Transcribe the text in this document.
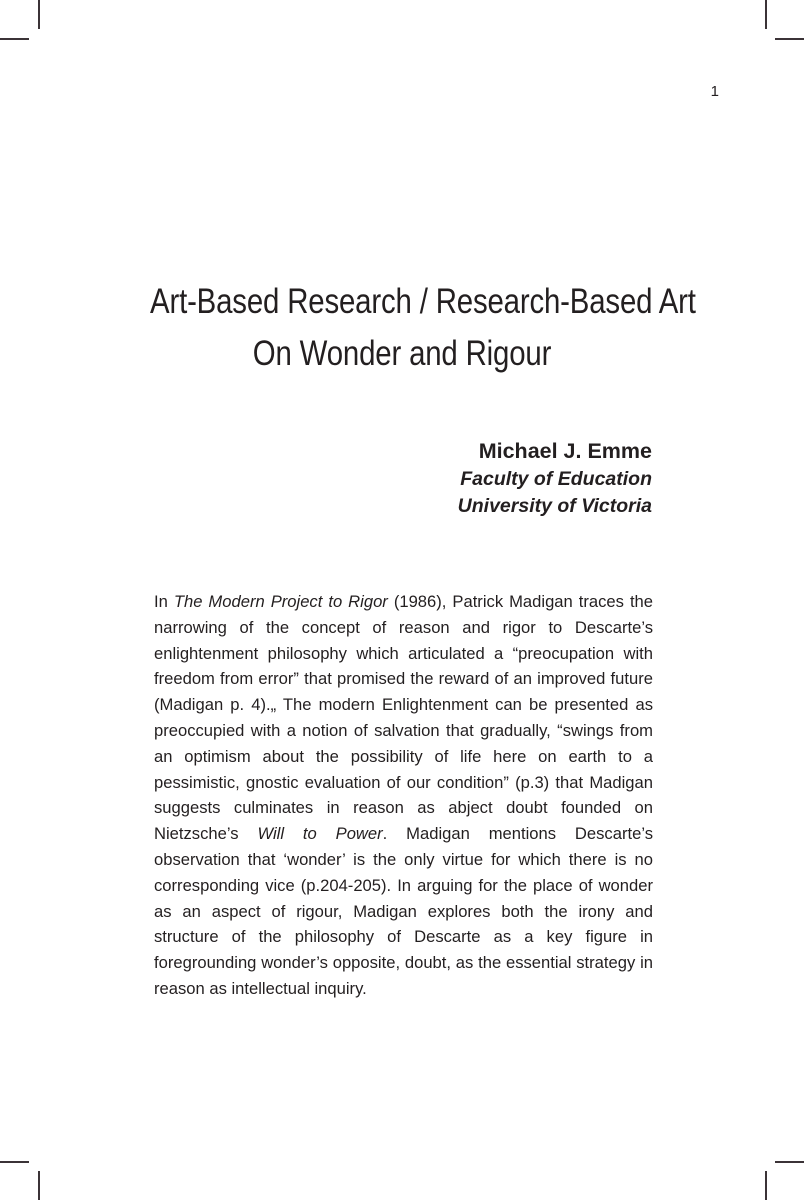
1
Art-Based Research / Research-Based Art
On Wonder and Rigour
Michael J. Emme
Faculty of Education
University of Victoria

In The Modern Project to Rigor (1986), Patrick Madigan traces the narrowing of the concept of reason and rigor to Descarte’s enlightenment philosophy which articulated a “preocupation with freedom from error” that promised the reward of an improved future (Madigan p. 4).„ The modern Enlightenment can be presented as preoccupied with a notion of salvation that gradually, “swings from an optimism about the possibility of life here on earth to a pessimistic, gnostic evaluation of our condition” (p.3) that Madigan suggests culminates in reason as abject doubt founded on Nietzsche’s Will to Power. Madigan mentions Descarte’s observation that ‘wonder’ is the only virtue for which there is no corresponding vice (p.204-205). In arguing for the place of wonder as an aspect of rigour, Madigan explores both the irony and structure of the philosophy of Descarte as a key figure in foregrounding wonder’s opposite, doubt, as the essential strategy in reason as intellectual inquiry.
